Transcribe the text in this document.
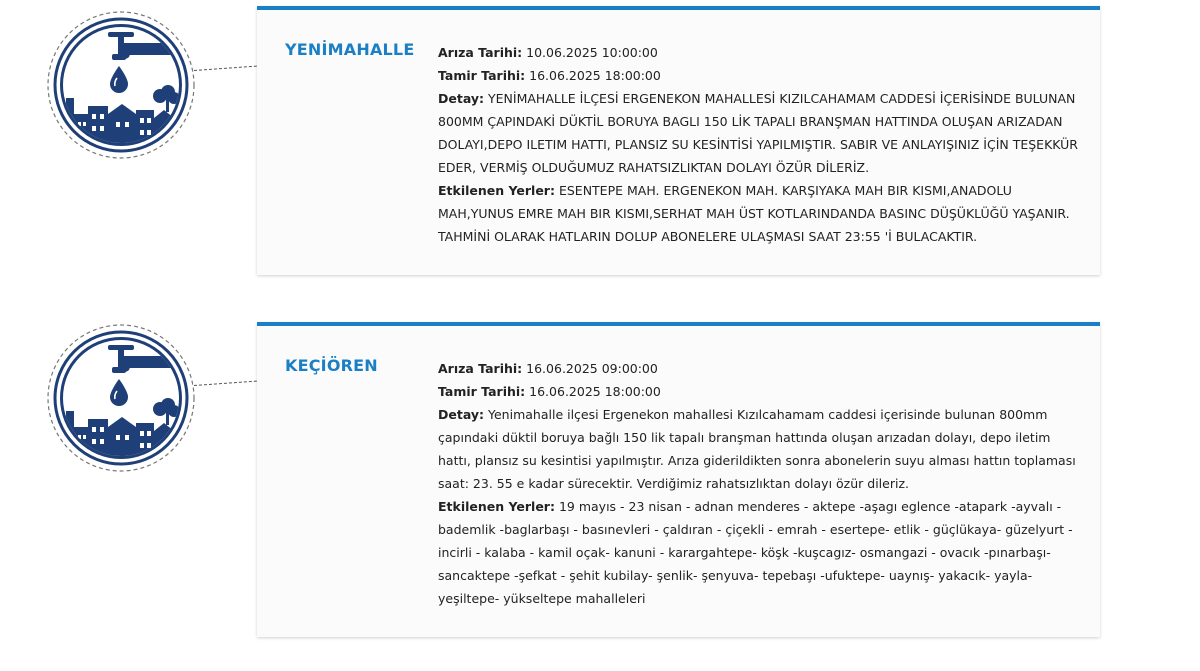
YENİMAHALLE Arıza Tarihi: 10.06.2025 10:00:00

Tamir Tarihi: 16.06.2025 18:00:00

Detay: YENİMAHALLE İLÇESİ ERGENEKON MAHALLESİ KIZILCAHAMAM CADDESİ İÇERİSİNDE BULUNAN 800MM ÇAPINDAKİ DÜKTİL BORUYA BAGLI 150 LİK TAPALI BRANŞMAN HATTINDA OLUŞAN ARIZADAN DOLAYI,DEPO ILETIM HATTI, PLANSIZ SU KESİNTİSİ YAPILMIŞTIR. SABIR VE ANLAYIŞINIZ İÇİN TEŞEKKÜR EDER, VERMİŞ OLDUĞUMUZ RAHATSIZLIKTAN DOLAYI ÖZÜR DİLERİZ.

Etkilenen Yerler: ESENTEPE MAH. ERGENEKON MAH. KARŞIYAKA MAH BIR KISMI,ANADOLU MAH,YUNUS EMRE MAH BIR KISMI,SERHAT MAH ÜST KOTLARINDANDA BASINC DÜŞÜKLÜĞÜ YAŞANIR. TAHMİNİ OLARAK HATLARIN DOLUP ABONELERE ULAŞMASI SAAT 23:55 'İ BULACAKTIR.

KEÇİÖREN	Arıza Tarihi: 16.06.2025 09:00:00

Tamir Tarihi: 16.06.2025 18:00:00

Detay: Yenimahalle ilçesi Ergenekon mahallesi Kızılcahamam caddesi içerisinde bulunan 800mm çapındaki düktil boruya bağlı 150 lik tapalı branşman hattında oluşan arızadan dolayı, depo iletim hattı, plansız su kesintisi yapılmıştır. Arıza giderildikten sonra abonelerin suyu alması hattın toplaması saat: 23. 55 e kadar sürecektir. Verdiğimiz rahatsızlıktan dolayı özür dileriz.

Etkilenen Yerler: 19 mayıs - 23 nisan - adnan menderes - aktepe -aşagı eglence -atapark -ayvalı - bademlik -baglarbaşı - basınevleri - çaldıran - çiçekli - emrah - esertepe- etlik - güçlükaya- güzelyurt - incirli - kalaba - kamil oçak- kanuni - karargahtepe- köşk -kuşcagız- osmangazi - ovacık -pınarbaşı- sancaktepe -şefkat - şehit kubilay- şenlik- şenyuva- tepebaşı -ufuktepe- uaynış- yakacık- yayla- yeşiltepe- yükseltepe mahalleleri
